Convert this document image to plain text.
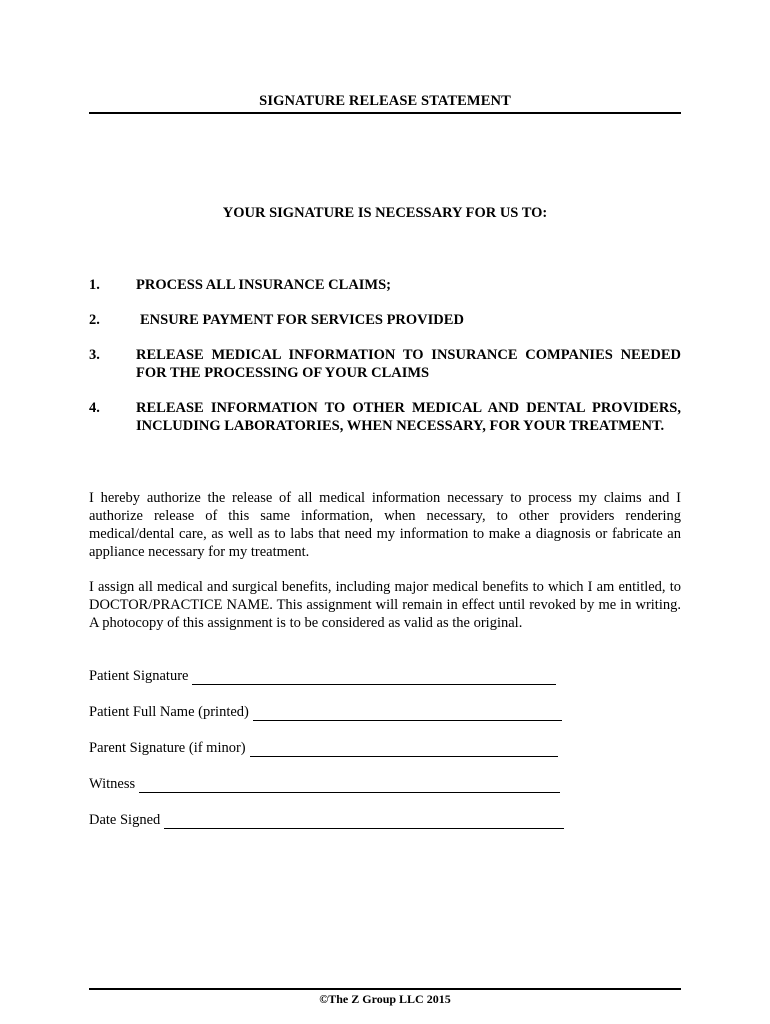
SIGNATURE RELEASE STATEMENT
YOUR SIGNATURE IS NECESSARY FOR US TO:
1.	PROCESS ALL INSURANCE CLAIMS;
2.	ENSURE PAYMENT FOR SERVICES PROVIDED
3.	RELEASE MEDICAL INFORMATION TO INSURANCE COMPANIES NEEDED FOR THE PROCESSING OF YOUR CLAIMS
4.	RELEASE INFORMATION TO OTHER MEDICAL AND DENTAL PROVIDERS, INCLUDING LABORATORIES, WHEN NECESSARY, FOR YOUR TREATMENT.
I hereby authorize the release of all medical information necessary to process my claims and I authorize release of this same information, when necessary, to other providers rendering medical/dental care, as well as to labs that need my information to make a diagnosis or fabricate an appliance necessary for my treatment.
I assign all medical and surgical benefits, including major medical benefits to which I am entitled, to DOCTOR/PRACTICE NAME. This assignment will remain in effect until revoked by me in writing. A photocopy of this assignment is to be considered as valid as the original.
Patient Signature
Patient Full Name (printed)
Parent Signature (if minor)
Witness
Date Signed
©The Z Group LLC 2015
